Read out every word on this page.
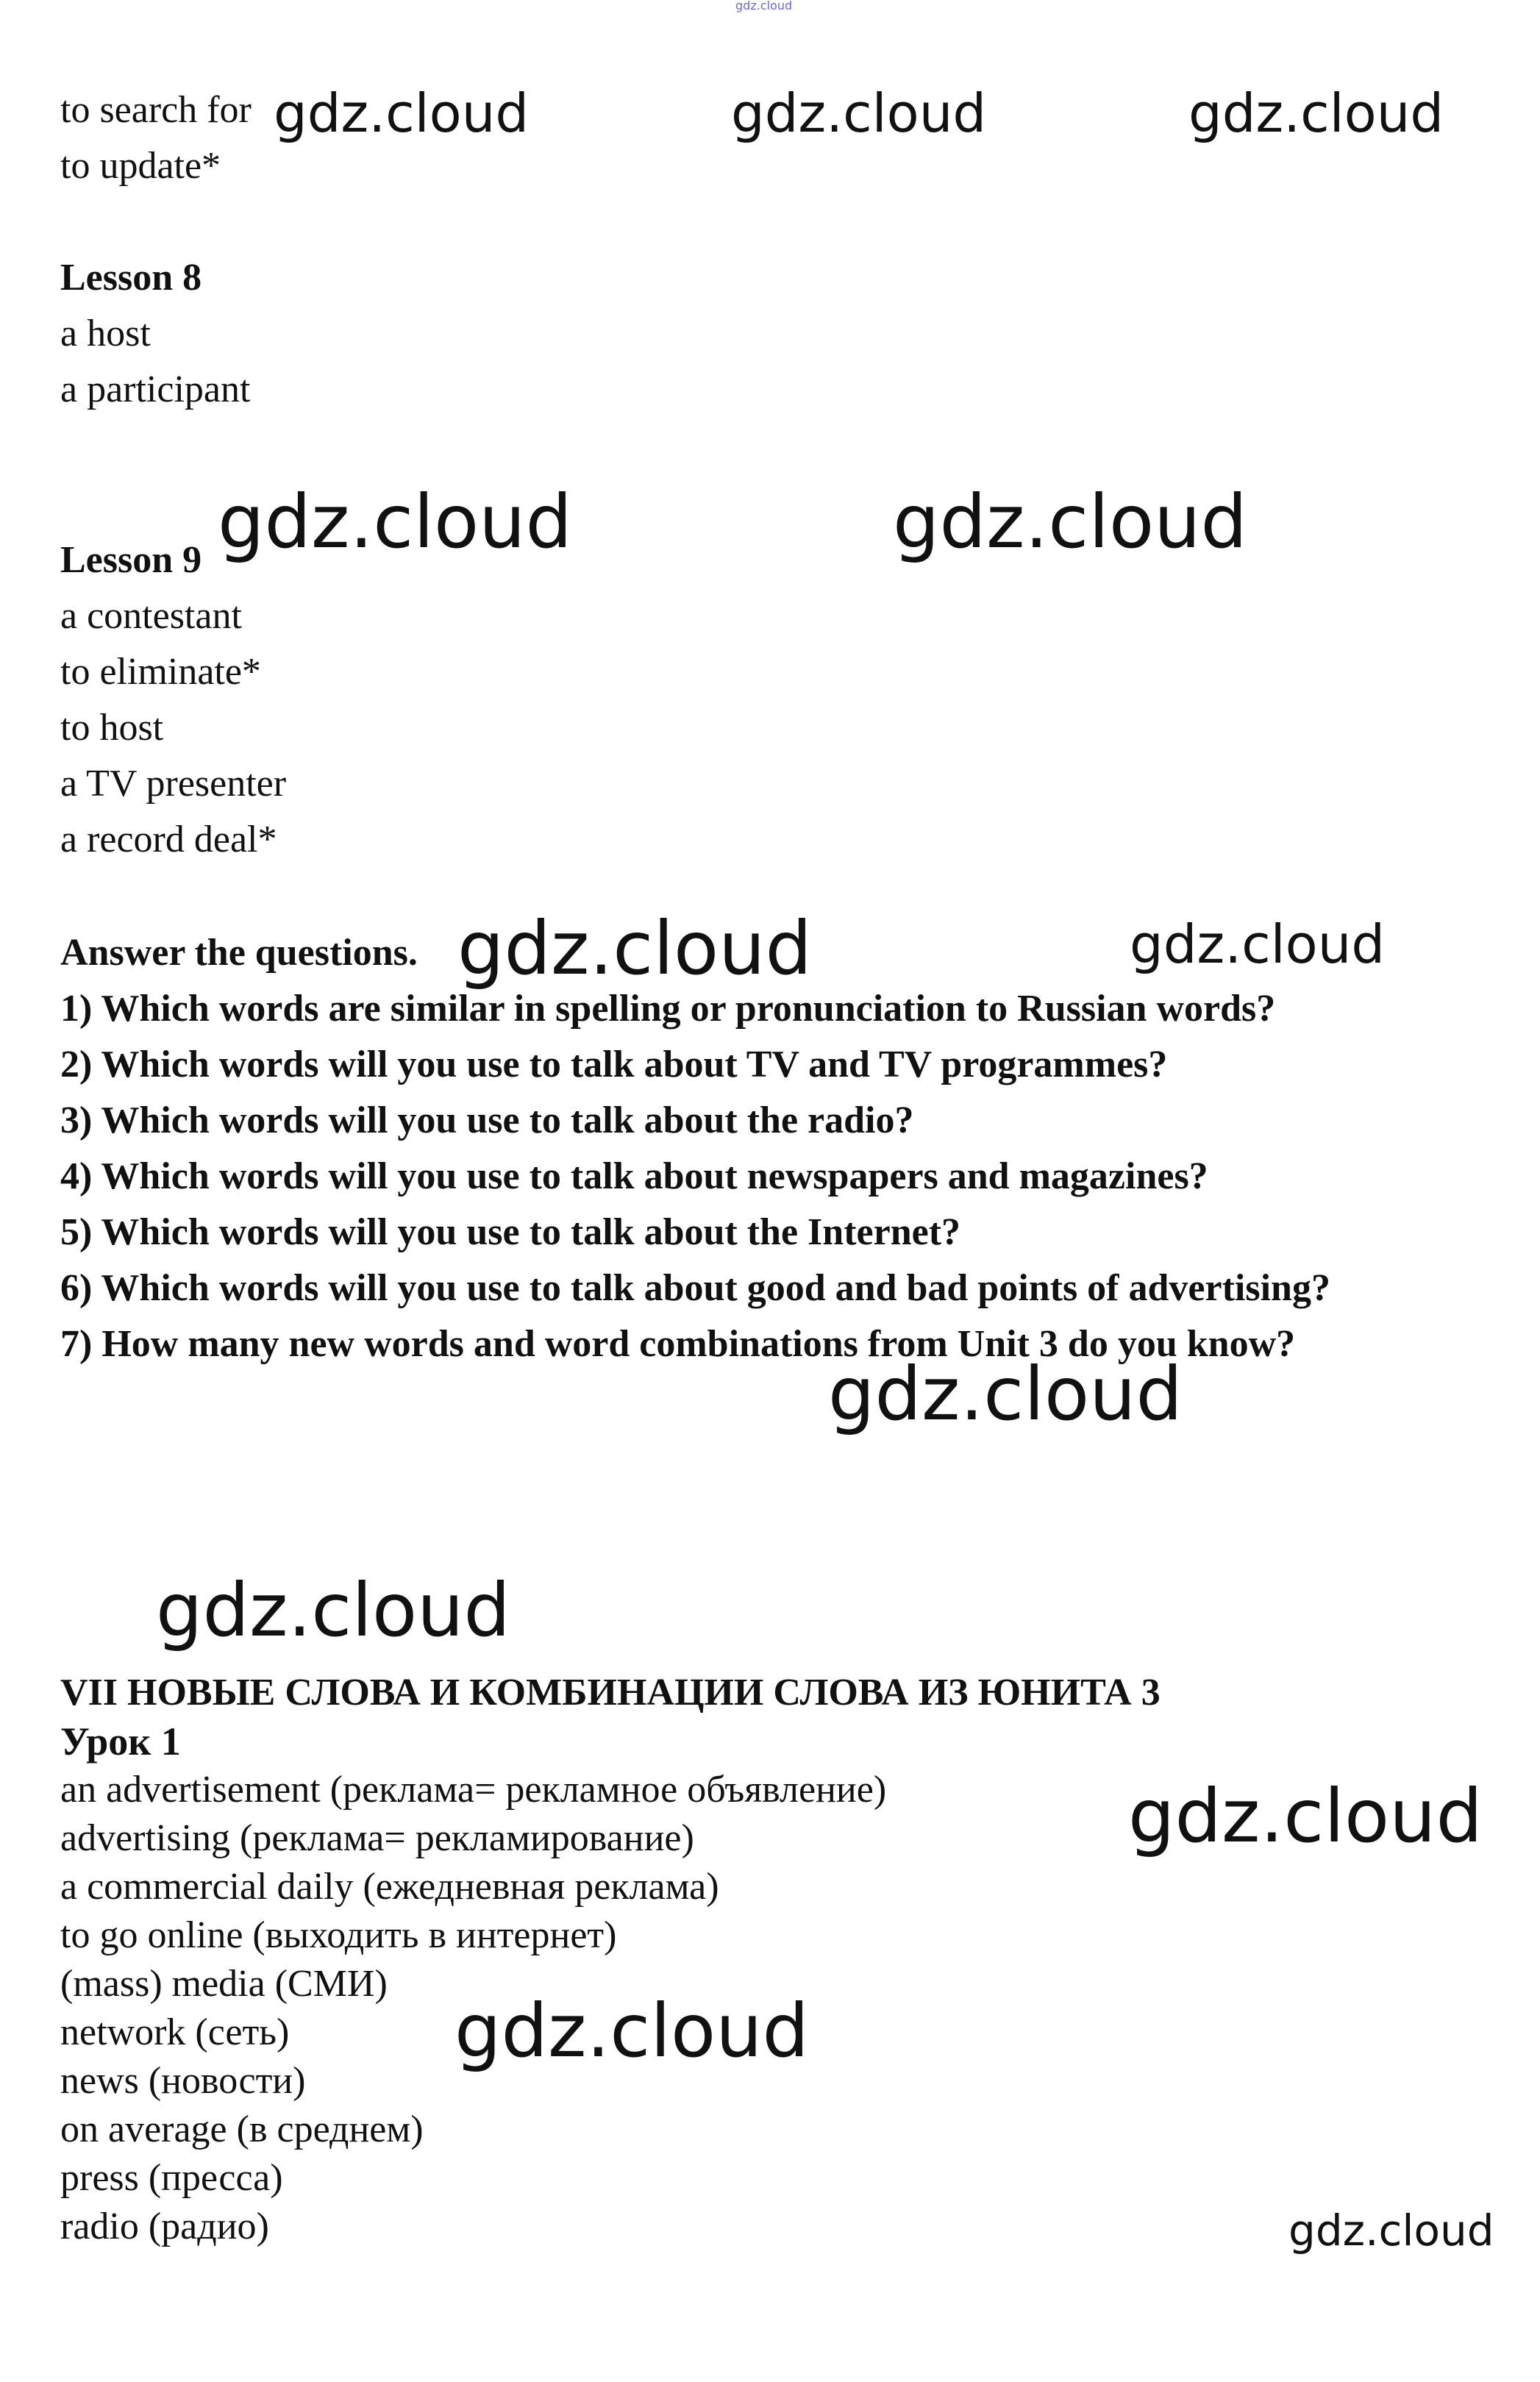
gdz.cloud

to search for

to update*

Lesson 8

a host

a participant

Lesson 9

a contestant

to eliminate*

to host

a TV presenter

a record deal*

Answer the questions.

1) Which words are similar in spelling or pronunciation to Russian words?

2) Which words will you use to talk about TV and TV programmes?

3) Which words will you use to talk about the radio?

4) Which words will you use to talk about newspapers and magazines?

5) Which words will you use to talk about the Internet?

6) Which words will you use to talk about good and bad points of advertising?

7) How many new words and word combinations from Unit 3 do you know?

VII НОВЫЕ СЛОВА И КОМБИНАЦИИ СЛОВА ИЗ ЮНИТА 3

Урок 1

an advertisement (реклама= рекламное объявление)

advertising (реклама= рекламирование)

a commercial daily (ежедневная реклама)

to go online (выходить в интернет)

(mass) media (СМИ)

network (сеть)

news (новости)

on average (в среднем)

press (пресса)

radio (радио)

gdz.cloud	gdz.cloud	gdz.cloud
gdz.cloud	gdz.cloud
gdz.cloud	gdz.cloud
gdz.cloud
gdz.cloud
gdz.cloud
gdz.cloud
gdz.cloud
